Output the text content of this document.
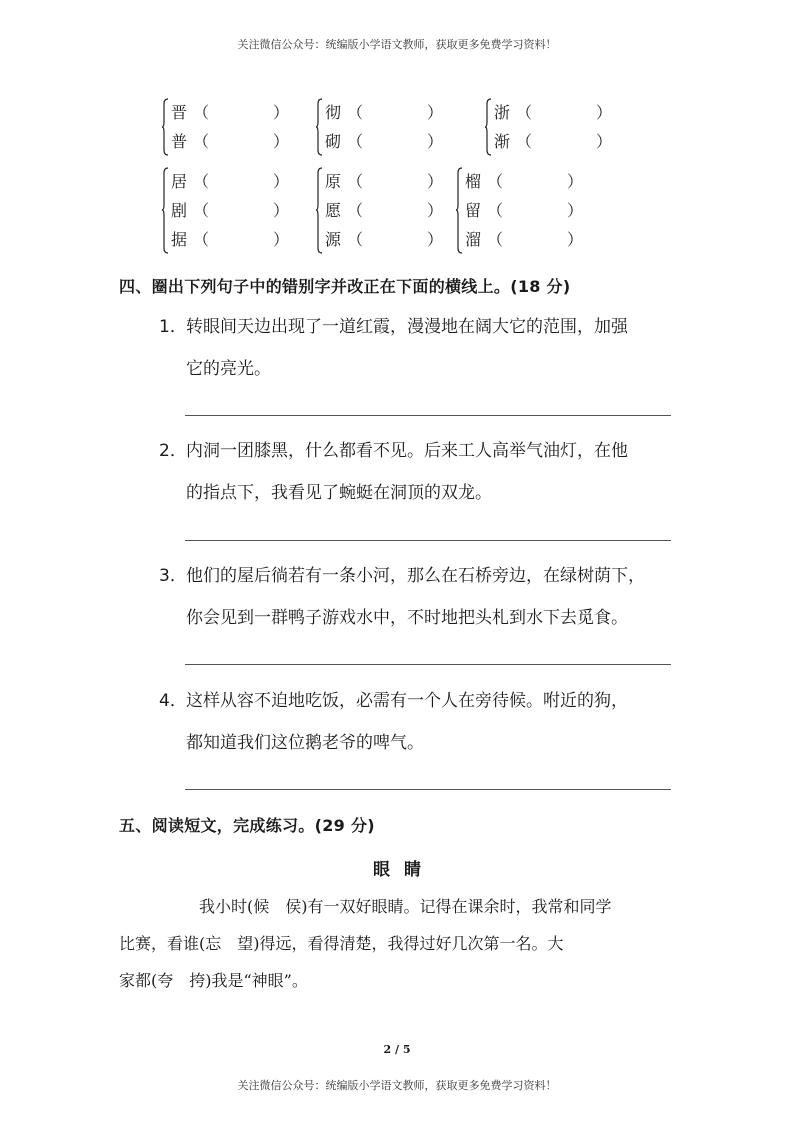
关注微信公众号：统编版小学语文教师，获取更多免费学习资料！
晋 （　　　　）
普 （　　　　）
彻 （　　　　）
砌 （　　　　）
浙 （　　　　）
渐 （　　　　）
居 （　　　　）
剧 （　　　　）
据 （　　　　）
原 （　　　　）
愿 （　　　　）
源 （　　　　）
榴 （　　　　）
留 （　　　　）
溜 （　　　　）
四、圈出下列句子中的错别字并改正在下面的横线上。(18 分)
1．转眼间天边出现了一道红霞，漫漫地在阔大它的范围，加强
它的亮光。
2．内洞一团膝黑，什么都看不见。后来工人高举气油灯，在他
的指点下，我看见了蜿蜓在洞顶的双龙。
3．他们的屋后徜若有一条小河，那么在石桥旁边，在绿树荫下，
你会见到一群鸭子游戏水中，不时地把头札到水下去觅食。
4．这样从容不迫地吃饭，必需有一个人在旁待候。咐近的狗，
都知道我们这位鹅老爷的啤气。
五、阅读短文，完成练习。(29 分)
眼睛
我小时(候 侯)有一双好眼睛。记得在课余时，我常和同学
比赛，看谁(忘 望)得远，看得清楚，我得过好几次第一名。大
家都(夸 挎)我是“神眼”。
2 / 5
关注微信公众号：统编版小学语文教师，获取更多免费学习资料！
